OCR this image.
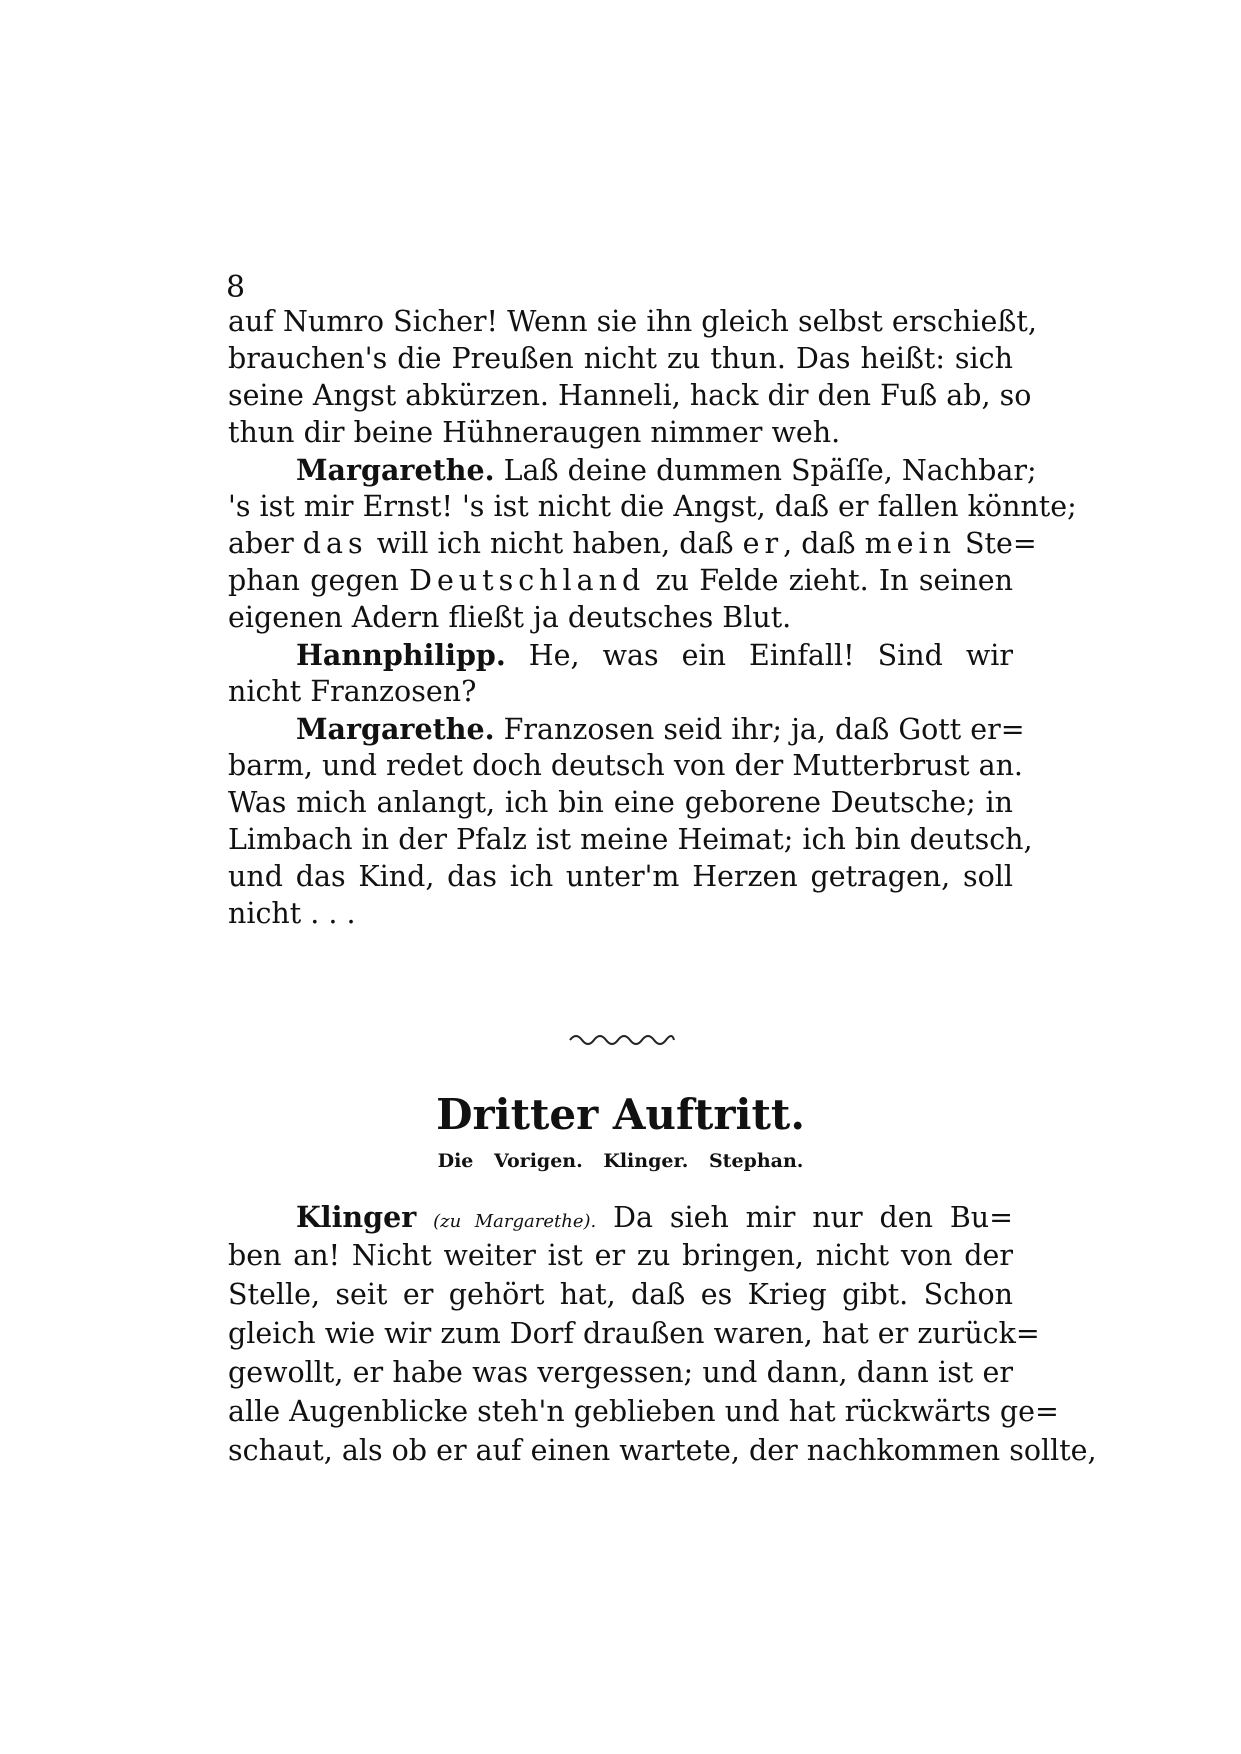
8
auf Numro Sicher! Wenn sie ihn gleich selbst erschießt,
brauchen's die Preußen nicht zu thun. Das heißt: sich
seine Angst abkürzen. Hanneli, hack dir den Fuß ab, so
thun dir beine Hühneraugen nimmer weh.
Margarethe. Laß deine dummen Späſſe, Nachbar;
's ist mir Ernst! 's ist nicht die Angst, daß er fallen könnte;
aber das will ich nicht haben, daß er, daß mein Ste=
phan gegen Deutschland zu Felde zieht. In seinen
eigenen Adern fließt ja deutsches Blut.
Hannphilipp. He, was ein Einfall! Sind wir
nicht Franzosen?
Margarethe. Franzosen seid ihr; ja, daß Gott er=
barm, und redet doch deutsch von der Mutterbrust an.
Was mich anlangt, ich bin eine geborene Deutsche; in
Limbach in der Pfalz ist meine Heimat; ich bin deutsch,
und das Kind, das ich unter'm Herzen getragen, soll
nicht . . .
Dritter Auftritt.
Die Vorigen. Klinger. Stephan.
Klinger (zu Margarethe). Da sieh mir nur den Bu=
ben an! Nicht weiter ist er zu bringen, nicht von der
Stelle, seit er gehört hat, daß es Krieg gibt. Schon
gleich wie wir zum Dorf draußen waren, hat er zurück=
gewollt, er habe was vergessen; und dann, dann ist er
alle Augenblicke steh'n geblieben und hat rückwärts ge=
schaut, als ob er auf einen wartete, der nachkommen sollte,
